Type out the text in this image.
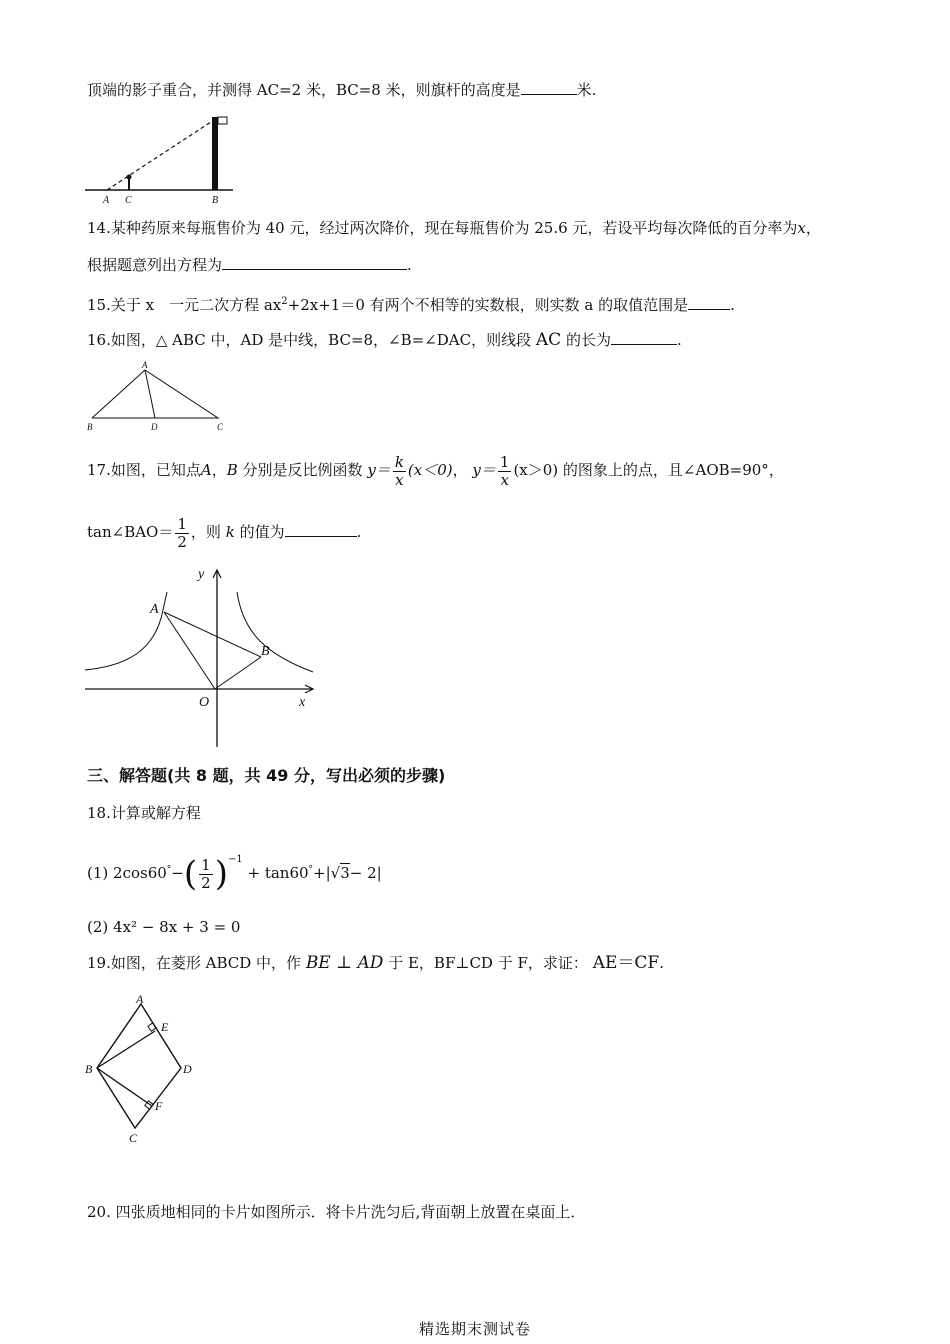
顶端的影子重合，并测得 AC=2 米，BC=8 米，则旗杆的高度是	米.
A C	B
14.某种药原来每瓶售价为 40 元，经过两次降价，现在每瓶售价为 25.6 元，若设平均每次降低的百分率为x，
根据题意列出方程为	.
15.关于 x　一元二次方程 $ax^2+2x+1=0$ 有两个不相等的实数根，则实数 a 的取值范围是	.
16.如图，△ ABC 中，AD 是中线，BC=8，∠B=∠DAC，则线段 AC 的长为	.
A
B	D	C
17.如图，已知点A，B 分别是反比例函数 $y= \frac{k}{x} (x<0)$， $y= \frac{1}{x} (x>0)$ 的图象上的点，且∠AOB=90°，
tan∠BAO＝ $\frac{1}{2}$ ，则 k 的值为	.
y
A
B
O	x
三、解答题(共 8 题，共 49 分，写出必须的步骤)
18.计算或解方程
(1) $2\cos 60^\circ-( \frac{1}{2} )^{-1} + \tan 60^\circ+|√3- 2|$
(2) 4x² − 8x + 3 = 0
19.如图，在菱形 ABCD 中，作 BE ⊥ AD 于 E，BF⊥CD 于 F，求证： AE＝CF.
A
E
B	D
F
C
20. 四张质地相同的卡片如图所示．将卡片洗匀后,背面朝上放置在桌面上．
精选期末测试卷
